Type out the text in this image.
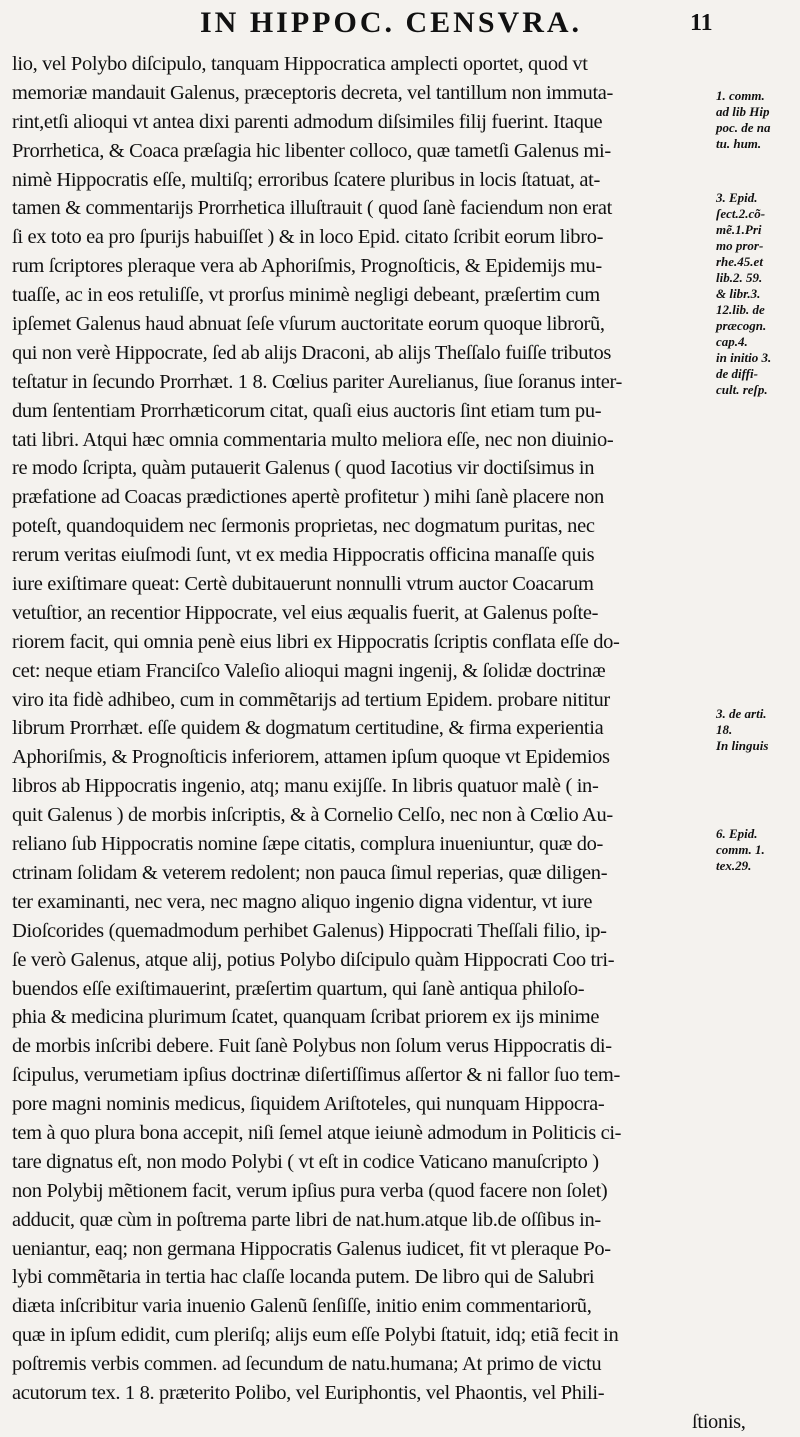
IN HIPPOC. CENSVRA.	11
lio, vel Polybo diſcipulo, tanquam Hippocratica amplecti oportet, quod vt
memoriæ mandauit Galenus, præceptoris decreta, vel tantillum non immuta-
rint,etſi alioqui vt antea dixi parenti admodum diſsimiles filij fuerint. Itaque
Prorrhetica, & Coaca præſagia hic libenter colloco, quæ tametſi Galenus mi-
nimè Hippocratis eſſe, multiſq; erroribus ſcatere pluribus in locis ſtatuat, at-
tamen & commentarijs Prorrhetica illuſtrauit ( quod ſanè faciendum non erat
ſi ex toto ea pro ſpurijs habuiſſet ) & in loco Epid. citato ſcribit eorum libro-
rum ſcriptores pleraque vera ab Aphoriſmis, Prognoſticis, & Epidemijs mu-
tuaſſe, ac in eos retuliſſe, vt prorſus minimè negligi debeant, præſertim cum
ipſemet Galenus haud abnuat ſeſe vſurum auctoritate eorum quoque librorũ,
qui non verè Hippocrate, ſed ab alijs Draconi, ab alijs Theſſalo fuiſſe tributos
teſtatur in ſecundo Prorrhæt. 1 8. Cœlius pariter Aurelianus, ſiue ſoranus inter-
dum ſententiam Prorrhæticorum citat, quaſi eius auctoris ſint etiam tum pu-
tati libri. Atqui hæc omnia commentaria multo meliora eſſe, nec non diuinio-
re modo ſcripta, quàm putauerit Galenus ( quod Iacotius vir doctiſsimus in
præfatione ad Coacas prædictiones apertè profitetur ) mihi ſanè placere non
poteſt, quandoquidem nec ſermonis proprietas, nec dogmatum puritas, nec
rerum veritas eiuſmodi ſunt, vt ex media Hippocratis officina manaſſe quis
iure exiſtimare queat: Certè dubitauerunt nonnulli vtrum auctor Coacarum
vetuſtior, an recentior Hippocrate, vel eius æqualis fuerit, at Galenus poſte-
riorem facit, qui omnia penè eius libri ex Hippocratis ſcriptis conflata eſſe do-
cet: neque etiam Franciſco Valeſio alioqui magni ingenij, & ſolidæ doctrinæ
viro ita fidè adhibeo, cum in commẽtarijs ad tertium Epidem. probare nititur
librum Prorrhæt. eſſe quidem & dogmatum certitudine, & firma experientia
Aphoriſmis, & Prognoſticis inferiorem, attamen ipſum quoque vt Epidemios
libros ab Hippocratis ingenio, atq; manu exijſſe. In libris quatuor malè ( in-
quit Galenus ) de morbis inſcriptis, & à Cornelio Celſo, nec non à Cœlio Au-
reliano ſub Hippocratis nomine ſæpe citatis, complura inueniuntur, quæ do-
ctrinam ſolidam & veterem redolent; non pauca ſimul reperias, quæ diligen-
ter examinanti, nec vera, nec magno aliquo ingenio digna videntur, vt iure
Dioſcorides (quemadmodum perhibet Galenus) Hippocrati Theſſali filio, ip-
ſe verò Galenus, atque alij, potius Polybo diſcipulo quàm Hippocrati Coo tri-
buendos eſſe exiſtimauerint, præſertim quartum, qui ſanè antiqua philoſo-
phia & medicina plurimum ſcatet, quanquam ſcribat priorem ex ijs minime
de morbis inſcribi debere. Fuit ſanè Polybus non ſolum verus Hippocratis di-
ſcipulus, verumetiam ipſius doctrinæ diſertiſſimus aſſertor & ni fallor ſuo tem-
pore magni nominis medicus, ſiquidem Ariſtoteles, qui nunquam Hippocra-
tem à quo plura bona accepit, niſi ſemel atque ieiunè admodum in Politicis ci-
tare dignatus eſt, non modo Polybi ( vt eſt in codice Vaticano manuſcripto )
non Polybij mẽtionem facit, verum ipſius pura verba (quod facere non ſolet)
adducit, quæ cùm in poſtrema parte libri de nat.hum.atque lib.de oſſibus in-
ueniantur, eaq; non germana Hippocratis Galenus iudicet, fit vt pleraque Po-
lybi commẽtaria in tertia hac claſſe locanda putem. De libro qui de Salubri
diæta inſcribitur varia inuenio Galenũ ſenſiſſe, initio enim commentariorũ,
quæ in ipſum edidit, cum pleriſq; alijs eum eſſe Polybi ſtatuit, idq; etiã fecit in
poſtremis verbis commen. ad ſecundum de natu.humana; At primo de victu
acutorum tex. 1 8. præterito Polibo, vel Euriphontis, vel Phaontis, vel Phili-
ſtionis,
1. comm.
ad lib Hip
poc. de na
tu. hum.
3. Epid.
ſect.2.cõ-
mẽ.1.Pri
mo pror-
rhe.45.et
lib.2. 59.
& libr.3.
12.lib. de
præcogn.
cap.4.
in initio 3.
de diffi-
cult. reſp.
3. de arti.
18.
In linguis
6. Epid.
comm. 1.
tex.29.
